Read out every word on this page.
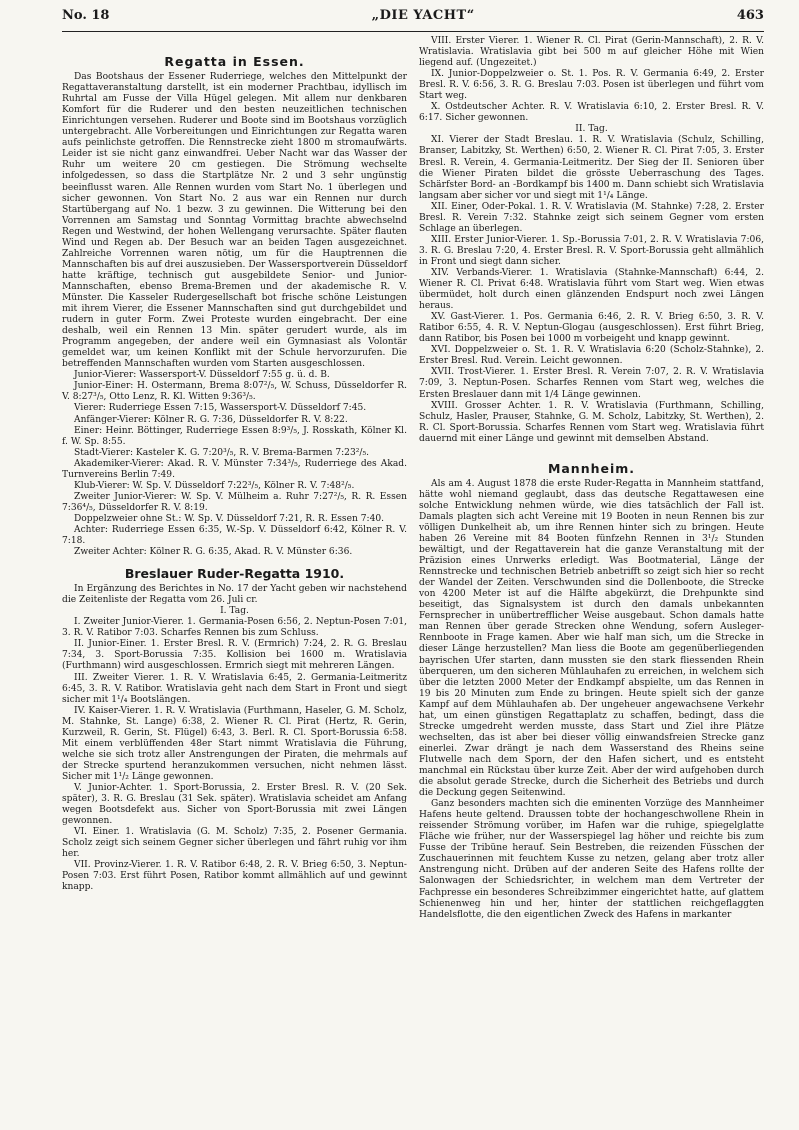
No. 18	„DIE YACHT“	463
Regatta in Essen.

Das Bootshaus der Essener Ruderriege, welches den Mittelpunkt der Regattaveranstaltung darstellt, ist ein moderner Prachtbau, idyllisch im Ruhrtal am Fusse der Villa Hügel gelegen. Mit allem nur denkbaren Komfort für die Ruderer und den besten neuzeitlichen technischen Einrichtungen versehen. Ruderer und Boote sind im Bootshaus vorzüglich untergebracht. Alle Vorbereitungen und Einrichtungen zur Regatta waren aufs peinlichste getroffen. Die Rennstrecke zieht 1800 m stromaufwärts. Leider ist sie nicht ganz einwandfrei. Ueber Nacht war das Wasser der Ruhr um weitere 20 cm gestiegen. Die Strömung wechselte infolgedessen, so dass die Startplätze Nr. 2 und 3 sehr ungünstig beeinflusst waren. Alle Rennen wurden vom Start No. 1 überlegen und sicher gewonnen. Von Start No. 2 aus war ein Rennen nur durch Startübergang auf No. 1 bezw. 3 zu gewinnen. Die Witterung bei den Vorrennen am Samstag und Sonntag Vormittag brachte abwechselnd Regen und Westwind, der hohen Wellengang verursachte. Später flauten Wind und Regen ab. Der Besuch war an beiden Tagen ausgezeichnet. Zahlreiche Vorrennen waren nötig, um für die Hauptrennen die Mannschaften bis auf drei auszusieben. Der Wassersportverein Düsseldorf hatte kräftige, technisch gut ausgebildete Senior- und Junior-Mannschaften, ebenso Brema-Bremen und der akademische R. V. Münster. Die Kasseler Rudergesellschaft bot frische schöne Leistungen mit ihrem Vierer, die Essener Mannschaften sind gut durchgebildet und rudern in guter Form. Zwei Proteste wurden eingebracht. Der eine deshalb, weil ein Rennen 13 Min. später gerudert wurde, als im Programm angegeben, der andere weil ein Gymnasiast als Volontär gemeldet war, um keinen Konflikt mit der Schule hervorzurufen. Die betreffenden Mannschaften wurden vom Starten ausgeschlossen.

Junior-Vierer: Wassersport-V. Düsseldorf 7:55 g. ü. d. B.

Junior-Einer: H. Ostermann, Brema 8:07²/₅, W. Schuss, Düsseldorfer R. V. 8:27³/₅, Otto Lenz, R. Kl. Witten 9:36³/₅.

Vierer: Ruderriege Essen 7:15, Wassersport-V. Düsseldorf 7:45.

Anfänger-Vierer: Kölner R. G. 7:36, Düsseldorfer R. V. 8:22.

Einer: Heinr. Böttinger, Ruderriege Essen 8:9³/₅, J. Rosskath, Kölner Kl. f. W. Sp. 8:55.

Stadt-Vierer: Kasteler K. G. 7:20³/₅, R. V. Brema-Barmen 7:23²/₅.

Akademiker-Vierer: Akad. R. V. Münster 7:34³/₅, Ruderriege des Akad. Turnvereins Berlin 7:49.

Klub-Vierer: W. Sp. V. Düsseldorf 7:22³/₅, Kölner R. V. 7:48²/₅.

Zweiter Junior-Vierer: W. Sp. V. Mülheim a. Ruhr 7:27²/₅, R. R. Essen 7:36⁴/₅, Düsseldorfer R. V. 8:19.

Doppelzweier ohne St.: W. Sp. V. Düsseldorf 7:21, R. R. Essen 7:40.

Achter: Ruderriege Essen 6:35, W.-Sp. V. Düsseldorf 6:42, Kölner R. V. 7:18.

Zweiter Achter: Kölner R. G. 6:35, Akad. R. V. Münster 6:36.

Breslauer Ruder-Regatta 1910.

In Ergänzung des Berichtes in No. 17 der Yacht geben wir nachstehend die Zeitenliste der Regatta vom 26. Juli cr.

I. Tag.

I. Zweiter Junior-Vierer. 1. Germania-Posen 6:56, 2. Neptun-Posen 7:01, 3. R. V. Ratibor 7:03. Scharfes Rennen bis zum Schluss.

II. Junior-Einer. 1. Erster Bresl. R. V. (Ermrich) 7:24, 2. R. G. Breslau 7:34, 3. Sport-Borussia 7:35. Kollision bei 1600 m. Wratislavia (Furthmann) wird ausgeschlossen. Ermrich siegt mit mehreren Längen.

III. Zweiter Vierer. 1. R. V. Wratislavia 6:45, 2. Germania-Leitmeritz 6:45, 3. R. V. Ratibor. Wratislavia geht nach dem Start in Front und siegt sicher mit 1¹/₄ Bootslängen.

IV. Kaiser-Vierer. 1. R. V. Wratislavia (Furthmann, Haseler, G. M. Scholz, M. Stahnke, St. Lange) 6:38, 2. Wiener R. Cl. Pirat (Hertz, R. Gerin, Kurzweil, R. Gerin, St. Flügel) 6:43, 3. Berl. R. Cl. Sport-Borussia 6:58. Mit einem verblüffenden 48er Start nimmt Wratislavia die Führung, welche sie sich trotz aller Anstrengungen der Piraten, die mehrmals auf der Strecke spurtend heranzukommen versuchen, nicht nehmen lässt. Sicher mit 1¹/₂ Länge gewonnen.

V. Junior-Achter. 1. Sport-Borussia, 2. Erster Bresl. R. V. (20 Sek. später), 3. R. G. Breslau (31 Sek. später). Wratislavia scheidet am Anfang wegen Bootsdefekt aus. Sicher von Sport-Borussia mit zwei Längen gewonnen.

VI. Einer. 1. Wratislavia (G. M. Scholz) 7:35, 2. Posener Germania. Scholz zeigt sich seinem Gegner sicher überlegen und fährt ruhig vor ihm her.

VII. Provinz-Vierer. 1. R. V. Ratibor 6:48, 2. R. V. Brieg 6:50, 3. Neptun-Posen 7:03. Erst führt Posen, Ratibor kommt allmählich auf und gewinnt knapp.

VIII. Erster Vierer. 1. Wiener R. Cl. Pirat (Gerin-Mannschaft), 2. R. V. Wratislavia. Wratislavia gibt bei 500 m auf gleicher Höhe mit Wien liegend auf. (Ungezeitet.)

IX. Junior-Doppelzweier o. St. 1. Pos. R. V. Germania 6:49, 2. Erster Bresl. R. V. 6:56, 3. R. G. Breslau 7:03. Posen ist überlegen und führt vom Start weg.

X. Ostdeutscher Achter. R. V. Wratislavia 6:10, 2. Erster Bresl. R. V. 6:17. Sicher gewonnen.

II. Tag.

XI. Vierer der Stadt Breslau. 1. R. V. Wratislavia (Schulz, Schilling, Branser, Labitzky, St. Werthen) 6:50, 2. Wiener R. Cl. Pirat 7:05, 3. Erster Bresl. R. Verein, 4. Germania-Leitmeritz. Der Sieg der II. Senioren über die Wiener Piraten bildet die grösste Ueberraschung des Tages. Schärfster Bord- an -Bordkampf bis 1400 m. Dann schiebt sich Wratislavia langsam aber sicher vor und siegt mit 1¹/₄ Länge.

XII. Einer, Oder-Pokal. 1. R. V. Wratislavia (M. Stahnke) 7:28, 2. Erster Bresl. R. Verein 7:32. Stahnke zeigt sich seinem Gegner vom ersten Schlage an überlegen.

XIII. Erster Junior-Vierer. 1. Sp.-Borussia 7:01, 2. R. V. Wratislavia 7:06, 3. R. G. Breslau 7:20, 4. Erster Bresl. R. V. Sport-Borussia geht allmählich in Front und siegt dann sicher.

XIV. Verbands-Vierer. 1. Wratislavia (Stahnke-Mannschaft) 6:44, 2. Wiener R. Cl. Privat 6:48. Wratislavia führt vom Start weg. Wien etwas übermüdet, holt durch einen glänzenden Endspurt noch zwei Längen heraus.

XV. Gast-Vierer. 1. Pos. Germania 6:46, 2. R. V. Brieg 6:50, 3. R. V. Ratibor 6:55, 4. R. V. Neptun-Glogau (ausgeschlossen). Erst führt Brieg, dann Ratibor, bis Posen bei 1000 m vorbeigeht und knapp gewinnt.

XVI. Doppelzweier o. St. 1. R. V. Wratislavia 6:20 (Scholz-Stahnke), 2. Erster Bresl. Rud. Verein. Leicht gewonnen.

XVII. Trost-Vierer. 1. Erster Bresl. R. Verein 7:07, 2. R. V. Wratislavia 7:09, 3. Neptun-Posen. Scharfes Rennen vom Start weg, welches die Ersten Breslauer dann mit 1/4 Länge gewinnen.

XVIII. Grosser Achter. 1. R. V. Wratislavia (Furthmann, Schilling, Schulz, Hasler, Prauser, Stahnke, G. M. Scholz, Labitzky, St. Werthen), 2. R. Cl. Sport-Borussia. Scharfes Rennen vom Start weg. Wratislavia führt dauernd mit einer Länge und gewinnt mit demselben Abstand.

Mannheim.

Als am 4. August 1878 die erste Ruder-Regatta in Mannheim stattfand, hätte wohl niemand geglaubt, dass das deutsche Regattawesen eine solche Entwicklung nehmen würde, wie dies tatsächlich der Fall ist. Damals plagten sich acht Vereine mit 19 Booten in neun Rennen bis zur völligen Dunkelheit ab, um ihre Rennen hinter sich zu bringen. Heute haben 26 Vereine mit 84 Booten fünfzehn Rennen in 3¹/₂ Stunden bewältigt, und der Regattaverein hat die ganze Veranstaltung mit der Präzision eines Unrwerks erledigt. Was Bootmaterial, Länge der Rennstrecke und technischen Betrieb anbetrifft so zeigt sich hier so recht der Wandel der Zeiten. Verschwunden sind die Dollenboote, die Strecke von 4200 Meter ist auf die Hälfte abgekürzt, die Drehpunkte sind beseitigt, das Signalsystem ist durch den damals unbekannten Fernsprecher in unübertrefflicher Weise ausgebaut. Schon damals hatte man Rennen über gerade Strecken ohne Wendung, sofern Ausleger-Rennboote in Frage kamen. Aber wie half man sich, um die Strecke in dieser Länge herzustellen? Man liess die Boote am gegenüberliegenden bayrischen Ufer starten, dann mussten sie den stark fliessenden Rhein überqueren, um den sicheren Mühlauhafen zu erreichen, in welchem sich über die letzten 2000 Meter der Endkampf abspielte, um das Rennen in 19 bis 20 Minuten zum Ende zu bringen. Heute spielt sich der ganze Kampf auf dem Mühlauhafen ab. Der ungeheuer angewachsene Verkehr hat, um einen günstigen Regattaplatz zu schaffen, bedingt, dass die Strecke umgedreht werden musste, dass Start und Ziel ihre Plätze wechselten, das ist aber bei dieser völlig einwandsfreien Strecke ganz einerlei. Zwar drängt je nach dem Wasserstand des Rheins seine Flutwelle nach dem Sporn, der den Hafen sichert, und es entsteht manchmal ein Rückstau über kurze Zeit. Aber der wird aufgehoben durch die absolut gerade Strecke, durch die Sicherheit des Betriebs und durch die Deckung gegen Seitenwind.

Ganz besonders machten sich die eminenten Vorzüge des Mannheimer Hafens heute geltend. Draussen tobte der hochangeschwollene Rhein in reissender Strömung vorüber, im Hafen war die ruhige, spiegelglatte Fläche wie früher, nur der Wasserspiegel lag höher und reichte bis zum Fusse der Tribüne herauf. Sein Bestreben, die reizenden Füsschen der Zuschauerinnen mit feuchtem Kusse zu netzen, gelang aber trotz aller Anstrengung nicht. Drüben auf der anderen Seite des Hafens rollte der Salonwagen der Schiedsrichter, in welchem man dem Vertreter der Fachpresse ein besonderes Schreibzimmer eingerichtet hatte, auf glattem Schienenweg hin und her, hinter der stattlichen reichgeflaggten Handelsflotte, die den eigentlichen Zweck des Hafens in markanter
